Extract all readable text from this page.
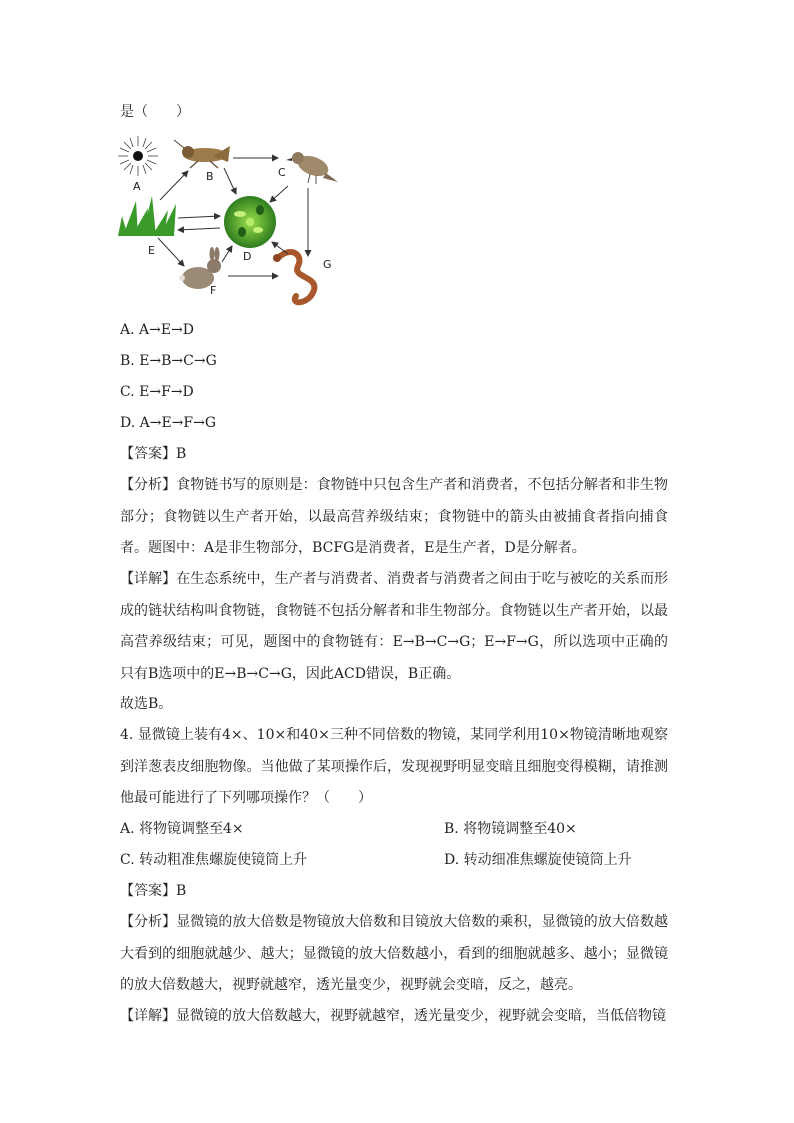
是（　　）
A
B	C
E	D
F
G
A. A→E→D
B. E→B→C→G
C. E→F→D
D. A→E→F→G
【答案】B
【分析】食物链书写的原则是：食物链中只包含生产者和消费者，不包括分解者和非生物部分；食物链以生产者开始，以最高营养级结束；食物链中的箭头由被捕食者指向捕食者。题图中：A是非生物部分，BCFG是消费者，E是生产者，D是分解者。
【详解】在生态系统中，生产者与消费者、消费者与消费者之间由于吃与被吃的关系而形成的链状结构叫食物链，食物链不包括分解者和非生物部分。食物链以生产者开始，以最高营养级结束；可见，题图中的食物链有：E→B→C→G；E→F→G，所以选项中正确的只有B选项中的E→B→C→G，因此ACD错误，B正确。
故选B。
4. 显微镜上装有4×、10×和40×三种不同倍数的物镜，某同学利用10×物镜清晰地观察到洋葱表皮细胞物像。当他做了某项操作后，发现视野明显变暗且细胞变得模糊，请推测他最可能进行了下列哪项操作？（　　）
A. 将物镜调整至4×	B. 将物镜调整至40×
C. 转动粗准焦螺旋使镜筒上升	D. 转动细准焦螺旋使镜筒上升
【答案】B
【分析】显微镜的放大倍数是物镜放大倍数和目镜放大倍数的乘积，显微镜的放大倍数越大看到的细胞就越少、越大；显微镜的放大倍数越小，看到的细胞就越多、越小；显微镜的放大倍数越大，视野就越窄，透光量变少，视野就会变暗，反之，越亮。
【详解】显微镜的放大倍数越大，视野就越窄，透光量变少，视野就会变暗，当低倍物镜
